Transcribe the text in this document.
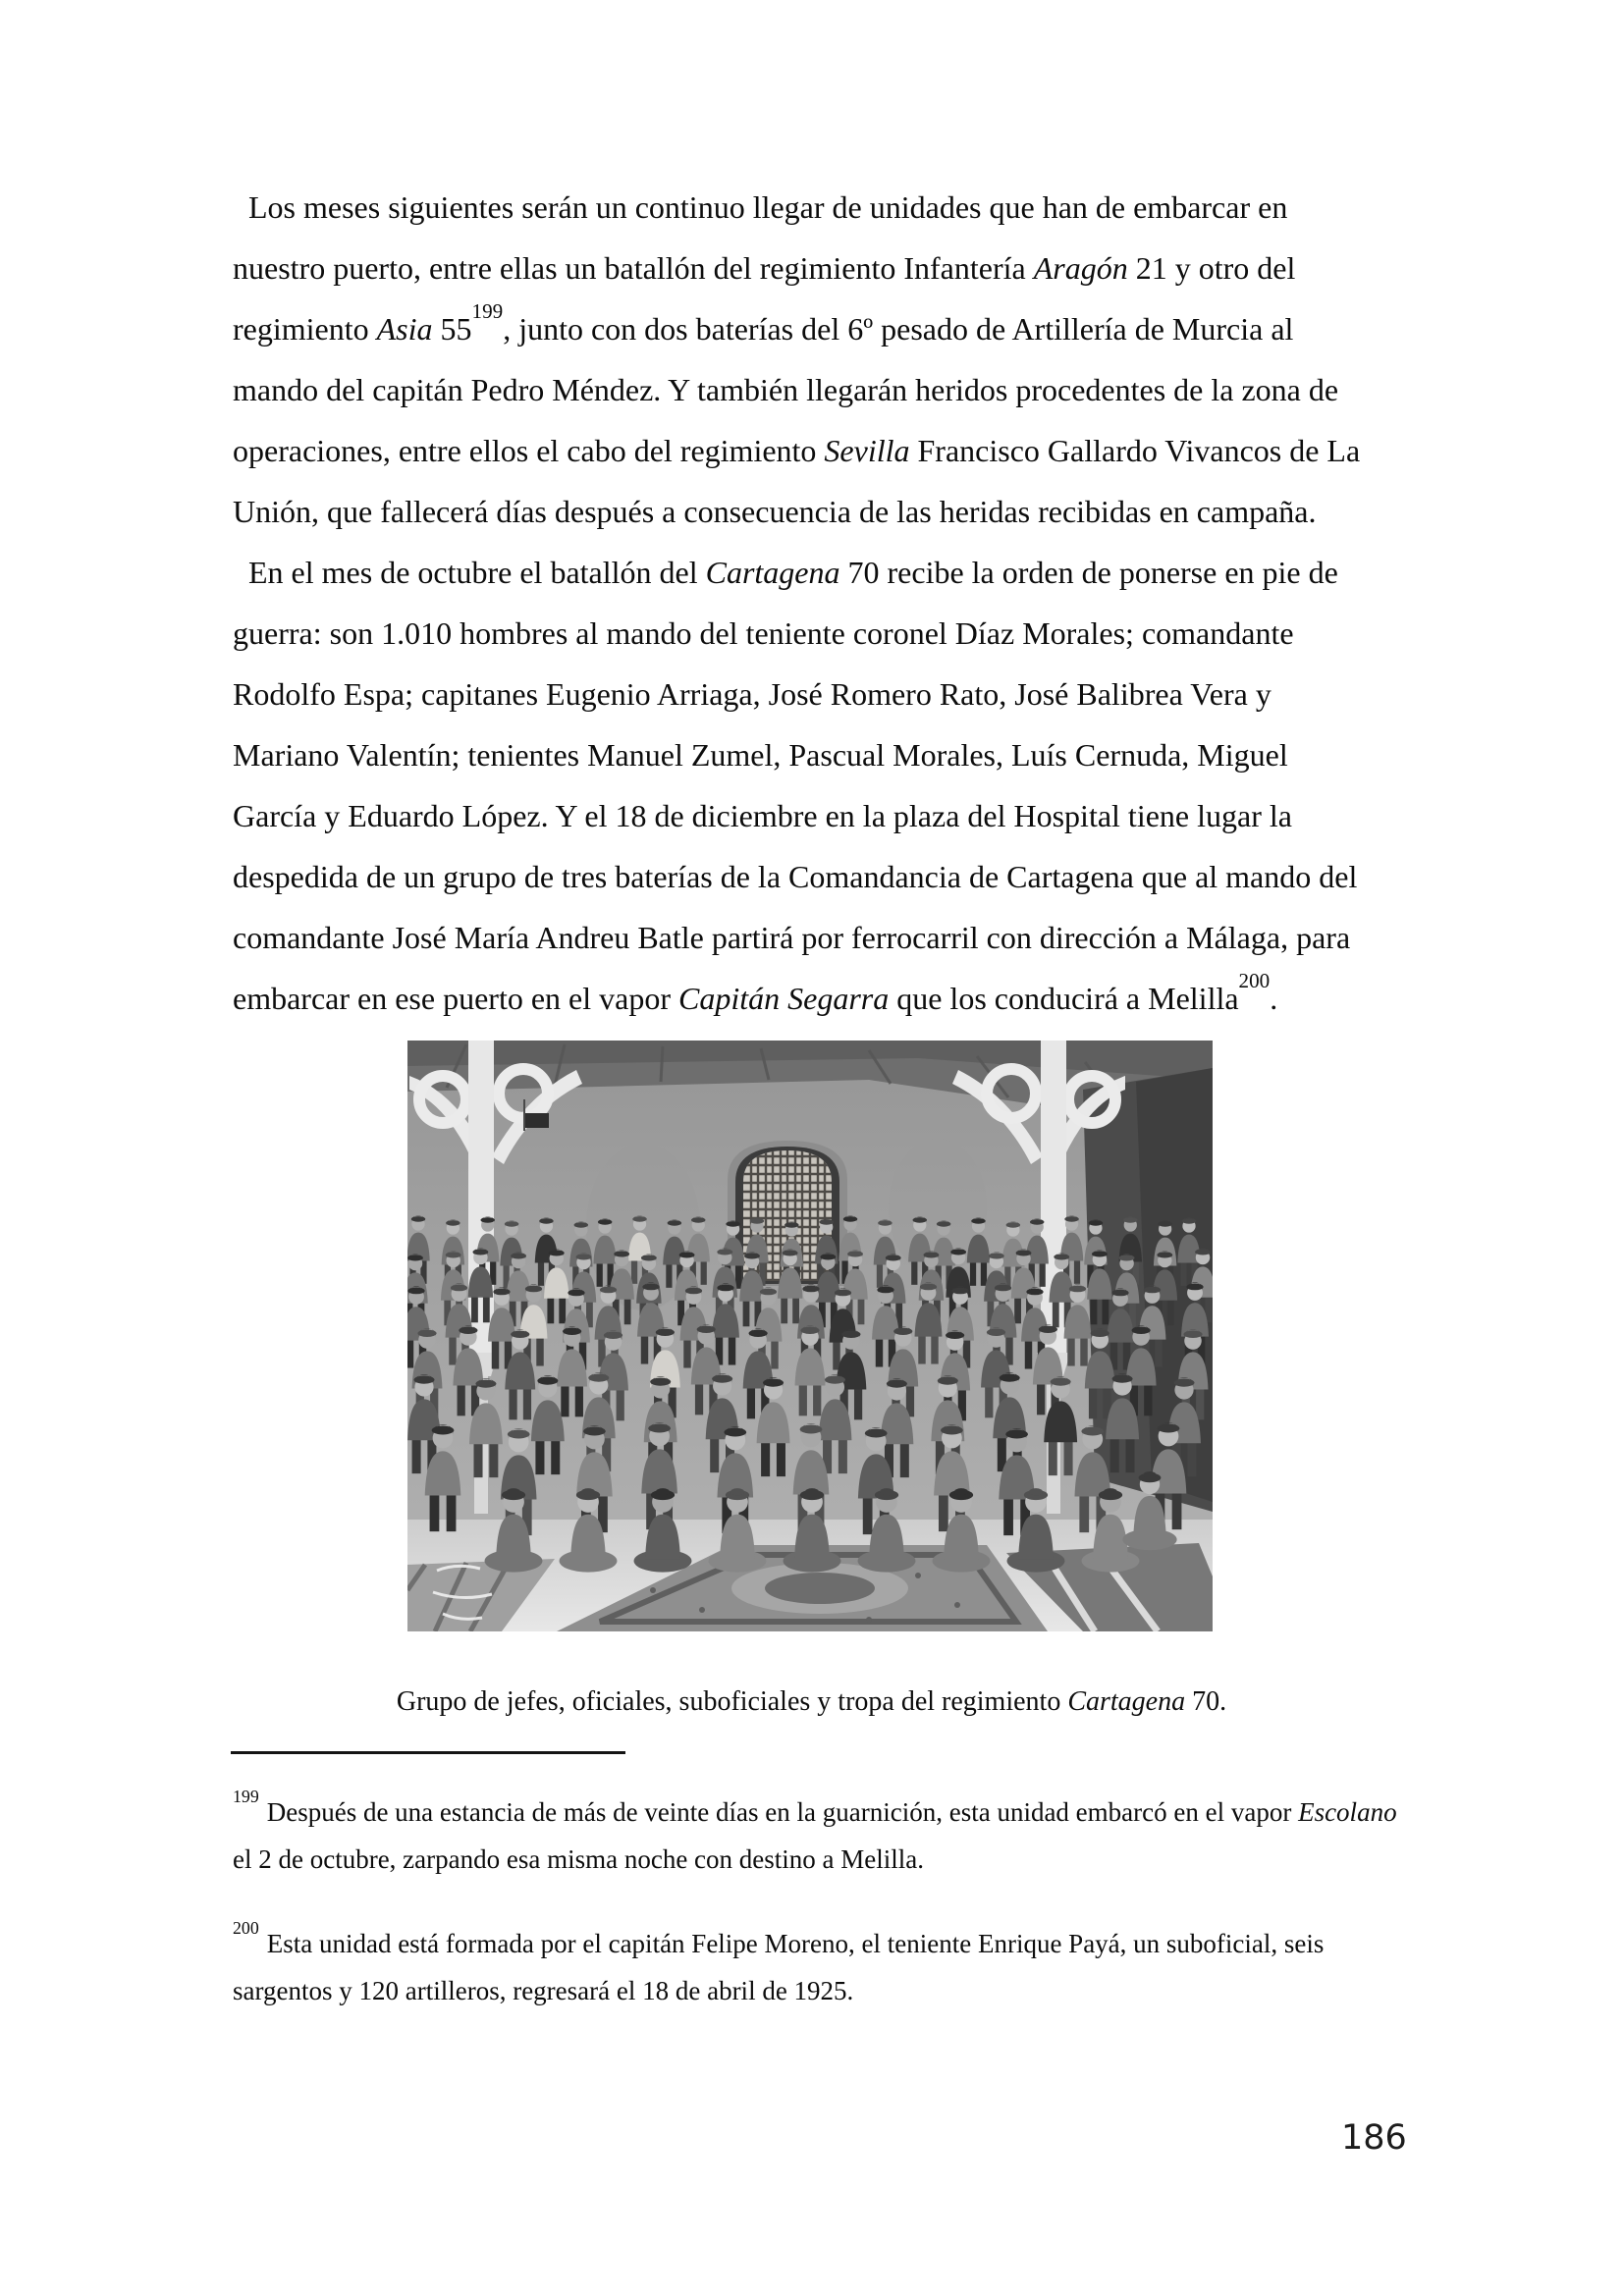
Los meses siguientes serán un continuo llegar de unidades que han de embarcar en
nuestro puerto, entre ellas un batallón del regimiento Infantería Aragón 21 y otro del
regimiento Asia $55^{199}$, junto con dos baterías del 6º pesado de Artillería de Murcia al
mando del capitán Pedro Méndez. Y también llegarán heridos procedentes de la zona de
operaciones, entre ellos el cabo del regimiento Sevilla Francisco Gallardo Vivancos de La
Unión, que fallecerá días después a consecuencia de las heridas recibidas en campaña.
En el mes de octubre el batallón del Cartagena 70 recibe la orden de ponerse en pie de
guerra: son 1.010 hombres al mando del teniente coronel Díaz Morales; comandante
Rodolfo Espa; capitanes Eugenio Arriaga, José Romero Rato, José Balibrea Vera y
Mariano Valentín; tenientes Manuel Zumel, Pascual Morales, Luís Cernuda, Miguel
García y Eduardo López. Y el 18 de diciembre en la plaza del Hospital tiene lugar la
despedida de un grupo de tres baterías de la Comandancia de Cartagena que al mando del
comandante José María Andreu Batle partirá por ferrocarril con dirección a Málaga, para
embarcar en ese puerto en el vapor Capitán Segarra que los conducirá a Melilla$^{200}$.
Grupo de jefes, oficiales, suboficiales y tropa del regimiento Cartagena 70.
$^{199}$Después de una estancia de más de veinte días en la guarnición, esta unidad embarcó en el vapor Escolano
el 2 de octubre, zarpando esa misma noche con destino a Melilla.
$^{200}$Esta unidad está formada por el capitán Felipe Moreno, el teniente Enrique Payá, un suboficial, seis
sargentos y 120 artilleros, regresará el 18 de abril de 1925.
186
